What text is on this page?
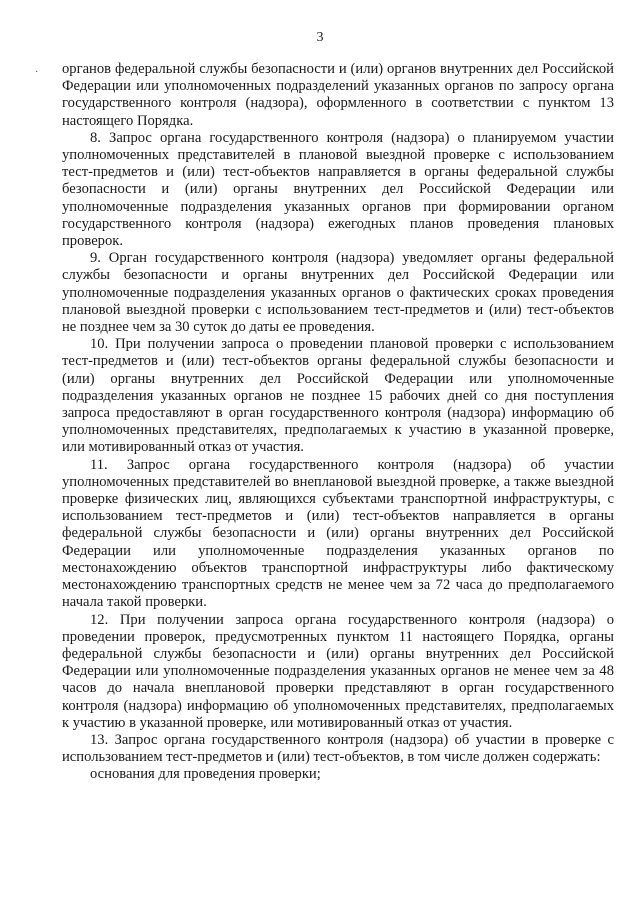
3
· органов федеральной службы безопасности и (или) органов внутренних дел Российской Федерации или уполномоченных подразделений указанных органов по запросу органа государственного контроля (надзора), оформленного в соответствии с пунктом 13 настоящего Порядка.

8. Запрос органа государственного контроля (надзора) о планируемом участии уполномоченных представителей в плановой выездной проверке с использованием тест-предметов и (или) тест-объектов направляется в органы федеральной службы безопасности и (или) органы внутренних дел Российской Федерации или уполномоченные подразделения указанных органов при формировании органом государственного контроля (надзора) ежегодных планов проведения плановых проверок.

9. Орган государственного контроля (надзора) уведомляет органы федеральной службы безопасности и органы внутренних дел Российской Федерации или уполномоченные подразделения указанных органов о фактических сроках проведения плановой выездной проверки с использованием тест-предметов и (или) тест-объектов не позднее чем за 30 суток до даты ее проведения.

10. При получении запроса о проведении плановой проверки с использованием тест-предметов и (или) тест-объектов органы федеральной службы безопасности и (или) органы внутренних дел Российской Федерации или уполномоченные подразделения указанных органов не позднее 15 рабочих дней со дня поступления запроса предоставляют в орган государственного контроля (надзора) информацию об уполномоченных представителях, предполагаемых к участию в указанной проверке, или мотивированный отказ от участия.

11. Запрос органа государственного контроля (надзора) об участии уполномоченных представителей во внеплановой выездной проверке, а также выездной проверке физических лиц, являющихся субъектами транспортной инфраструктуры, с использованием тест-предметов и (или) тест-объектов направляется в органы федеральной службы безопасности и (или) органы внутренних дел Российской Федерации или уполномоченные подразделения указанных органов по местонахождению объектов транспортной инфраструктуры либо фактическому местонахождению транспортных средств не менее чем за 72 часа до предполагаемого начала такой проверки.

12. При получении запроса органа государственного контроля (надзора) о проведении проверок, предусмотренных пунктом 11 настоящего Порядка, органы федеральной службы безопасности и (или) органы внутренних дел Российской Федерации или уполномоченные подразделения указанных органов не менее чем за 48 часов до начала внеплановой проверки представляют в орган государственного контроля (надзора) информацию об уполномоченных представителях, предполагаемых к участию в указанной проверке, или мотивированный отказ от участия.

13. Запрос органа государственного контроля (надзора) об участии в проверке с использованием тест-предметов и (или) тест-объектов, в том числе должен содержать:

основания для проведения проверки;
